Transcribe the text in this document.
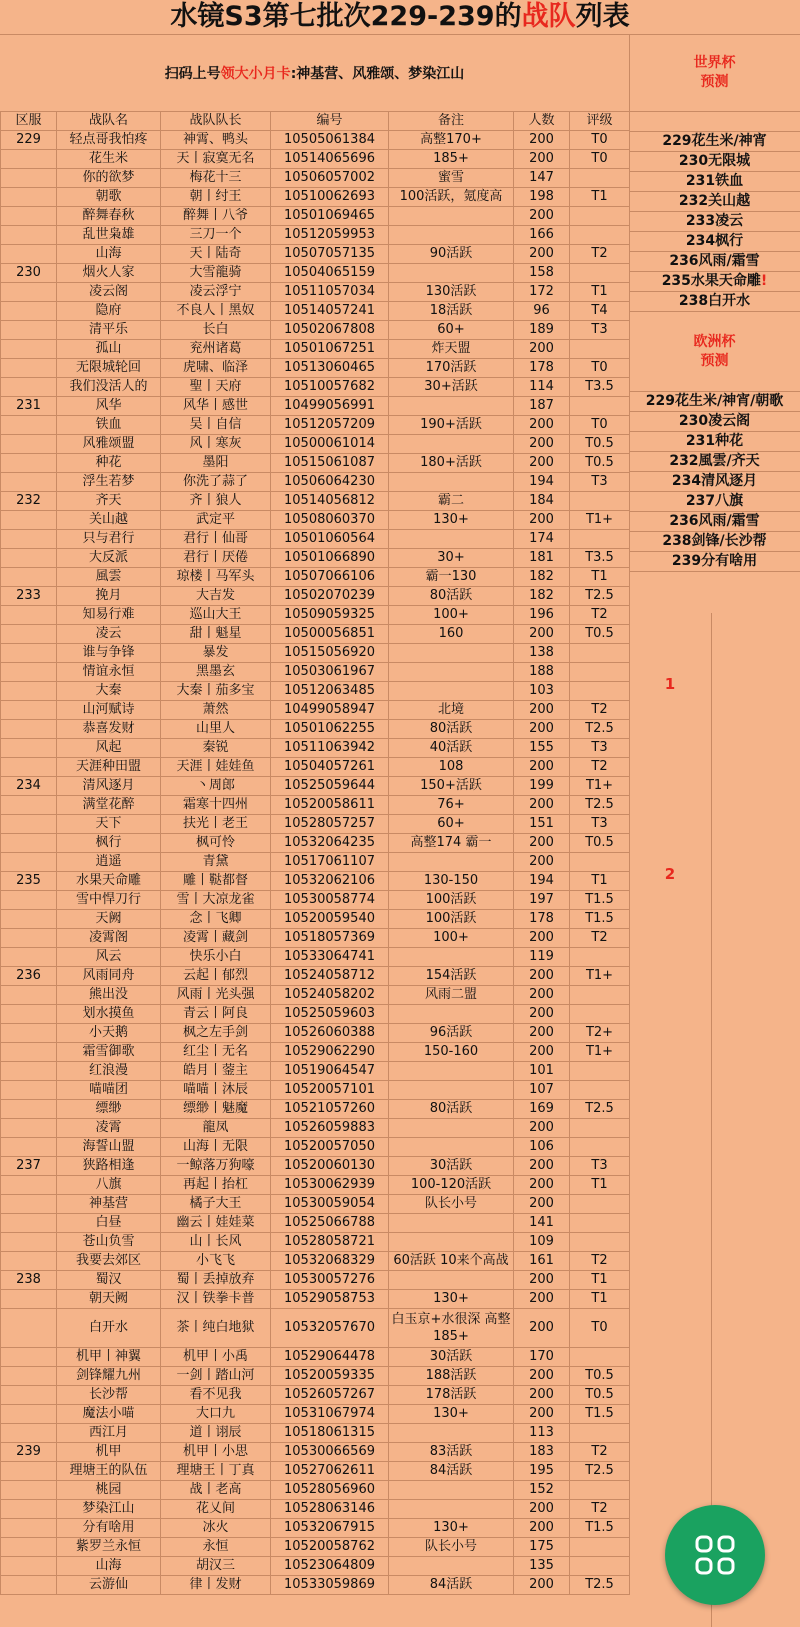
水镜S3第七批次229-239的战队列表
扫码上号 领大小月卡 :神基营、风雅颂、梦染江山
区服	战队名	战队队长	编号	备注	人数	评级
229	轻点哥我怕疼	神霄、鸭头	10505061384	高整170+	200	T0
	花生米	天丨寂寞无名	10514065696	185+	200	T0
	你的欲梦	梅花十三	10506057002	蜜雪	147	
	朝歌	朝丨纣王	10510062693	100活跃，氪度高	198	T1
	醉舞春秋	醉舞丨八爷	10501069465		200	
	乱世枭雄	三刀一个	10512059953		166	
	山海	天丨陆奇	10507057135	90活跃	200	T2
230	烟火人家	大雪龍骑	10504065159		158	
	凌云阁	凌云浮宁	10511057034	130活跃	172	T1
	隐府	不良人丨黑奴	10514057241	18活跃	96	T4
	清平乐	长白	10502067808	60+	189	T3
	孤山	兖州诸葛	10501067251	炸天盟	200	
	无限城轮回	虎啸、临泽	10513060465	170活跃	178	T0
	我们没活人的	聖丨天府	10510057682	30+活跃	114	T3.5
231	风华	风华丨感世	10499056991		187	
	铁血	吴丨自信	10512057209	190+活跃	200	T0
	风雅颂盟	风丨寒灰	10500061014		200	T0.5
	种花	墨阳	10515061087	180+活跃	200	T0.5
	浮生若梦	你洗了蒜了	10506064230		194	T3
232	齐天	齐丨狼人	10514056812	霸二	184	
	关山越	武定平	10508060370	130+	200	T1+
	只与君行	君行丨仙哥	10501060564		174	
	大反派	君行丨厌倦	10501066890	30+	181	T3.5
	風雲	琼楼丨马军头	10507066106	霸一130	182	T1
233	挽月	大吉发	10502070239	80活跃	182	T2.5
	知易行难	巡山大王	10509059325	100+	196	T2
	凌云	甜丨魁星	10500056851	160	200	T0.5
	谁与争锋	暴发	10515056920		138	
	情谊永恒	黑墨玄	10503061967		188	
	大秦	大秦丨茄多宝	10512063485		103	
	山河赋诗	萧然	10499058947	北境	200	T2
	恭喜发财	山里人	10501062255	80活跃	200	T2.5
	风起	秦锐	10511063942	40活跃	155	T3
	天涯种田盟	天涯丨娃娃鱼	10504057261	108	200	T2
234	清风逐月	丶周郎	10525059644	150+活跃	199	T1+
	满堂花醉	霜寒十四州	10520058611	76+	200	T2.5
	天下	扶光丨老王	10528057257	60+	151	T3
	枫行	枫可怜	10532064235	高整174 霸一	200	T0.5
	逍遥	青黛	10517061107		200	
235	水果天命雕	雕丨鞑都督	10532062106	130-150	194	T1
	雪中悍刀行	雪丨大凉龙雀	10530058774	100活跃	197	T1.5
	天阙	念丨飞卿	10520059540	100活跃	178	T1.5
	凌霄阁	凌霄丨藏剑	10518057369	100+	200	T2
	风云	快乐小白	10533064741		119	
236	风雨同舟	云起丨郁烈	10524058712	154活跃	200	T1+
	熊出没	风雨丨光头强	10524058202	风雨二盟	200	
	划水摸鱼	青云丨阿良	10525059603		200	
	小天鹅	枫之左手剑	10526060388	96活跃	200	T2+
	霜雪御歌	红尘丨无名	10529062290	150-160	200	T1+
	红浪漫	皓月丨蓥主	10519064547		101	
	喵喵团	喵喵丨沐辰	10520057101		107	
	缥缈	缥缈丨魅魔	10521057260	80活跃	169	T2.5
	凌霄	龍凤	10526059883		200	
	海誓山盟	山海丨无限	10520057050		106	
237	狭路相逢	一鲸落万狗嚎	10520060130	30活跃	200	T3
	八旗	再起丨抬杠	10530062939	100-120活跃	200	T1
	神基营	橘子大王	10530059054	队长小号	200	
	白昼	幽云丨娃娃菜	10525066788		141	
	苍山负雪	山丨长风	10528058721		109	
	我要去郊区	小飞飞	10532068329	60活跃 10来个高战	161	T2
238	蜀汉	蜀丨丢掉放弃	10530057276		200	T1
	朝天阙	汉丨铁拳卡普	10529058753	130+	200	T1
	白开水	茶丨纯白地狱	10532057670	白玉京+水很深 高整185+	200	T0
	机甲丨神翼	机甲丨小禹	10529064478	30活跃	170	
	剑锋耀九州	一剑丨踏山河	10520059335	188活跃	200	T0.5
	长沙帮	看不见我	10526057267	178活跃	200	T0.5
	魔法小喵	大口九	10531067974	130+	200	T1.5
	西江月	道丨诩辰	10518061315		113	
239	机甲	机甲丨小思	10530066569	83活跃	183	T2
	理塘王的队伍	理塘王丨丁真	10527062611	84活跃	195	T2.5
	桃园	战丨老高	10528056960		152	
	梦染江山	花乂间	10528063146		200	T2
	分有啥用	冰火	10532067915	130+	200	T1.5
	紫罗兰永恒	永恒	10520058762	队长小号	175	
	山海	胡汉三	10523064809		135	
	云游仙	律丨发财	10533059869	84活跃	200	T2.5
世界杯
预测
229花生米/神宵
230无限城
231铁血
232关山越
233凌云
234枫行
236风雨/霜雪
235水果天命雕!
238白开水
欧洲杯
预测
229花生米/神宵/朝歌
230凌云阁
231种花
232風雲/齐天
234清风逐月
237八旗
236风雨/霜雪
238剑锋/长沙帮
239分有啥用
1
2
